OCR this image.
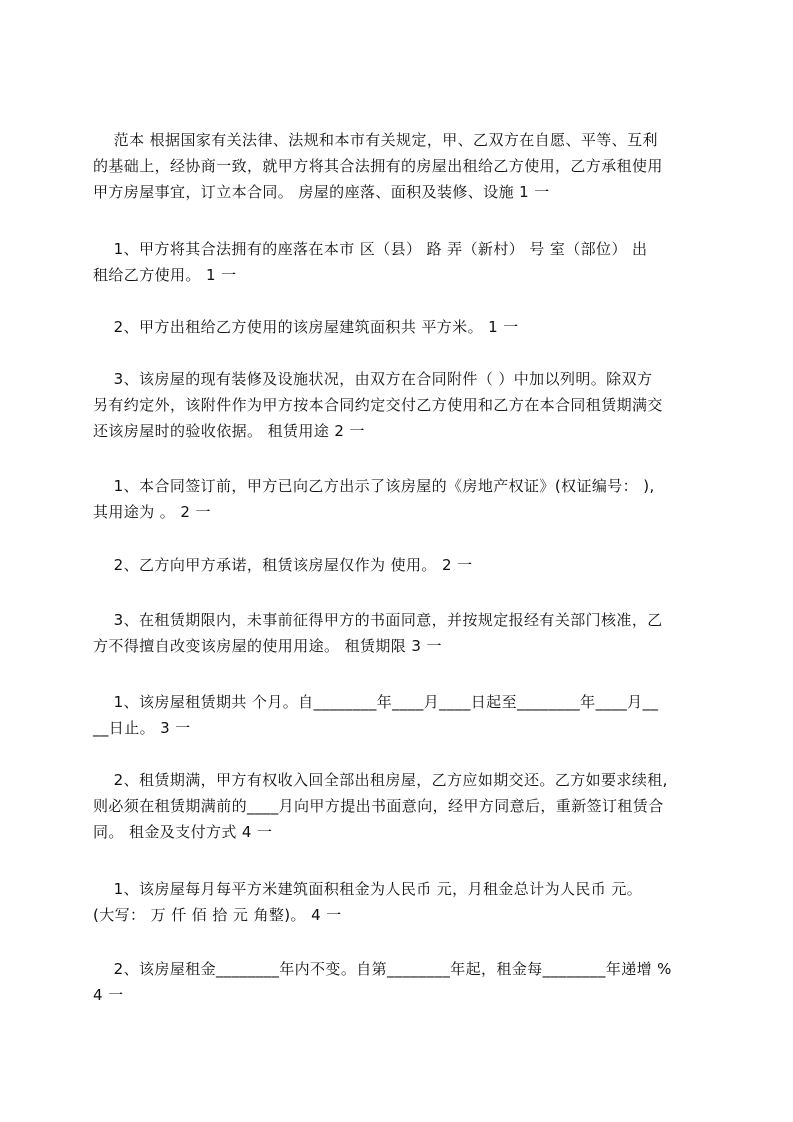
范本 根据国家有关法律、法规和本市有关规定，甲、乙双方在自愿、平等、互利
的基础上，经协商一致，就甲方将其合法拥有的房屋出租给乙方使用，乙方承租使用
甲方房屋事宜，订立本合同。 房屋的座落、面积及装修、设施 1 一
1、甲方将其合法拥有的座落在本市 区（县） 路 弄（新村） 号 室（部位） 出
租给乙方使用。 1 一
2、甲方出租给乙方使用的该房屋建筑面积共 平方米。 1 一
3、该房屋的现有装修及设施状况，由双方在合同附件（ ）中加以列明。除双方
另有约定外，该附件作为甲方按本合同约定交付乙方使用和乙方在本合同租赁期满交
还该房屋时的验收依据。 租赁用途 2 一
1、本合同签订前，甲方已向乙方出示了该房屋的《房地产权证》(权证编号： ),
其用途为 。 2 一
2、乙方向甲方承诺，租赁该房屋仅作为 使用。 2 一
3、在租赁期限内，未事前征得甲方的书面同意，并按规定报经有关部门核准，乙
方不得擅自改变该房屋的使用用途。 租赁期限 3 一
1、该房屋租赁期共 个月。自________年____月____日起至________年____月__
__日止。 3 一
2、租赁期满，甲方有权收入回全部出租房屋，乙方应如期交还。乙方如要求续租,
则必须在租赁期满前的____月向甲方提出书面意向，经甲方同意后，重新签订租赁合
同。 租金及支付方式 4 一
1、该房屋每月每平方米建筑面积租金为人民币 元，月租金总计为人民币 元。
(大写： 万 仟 佰 拾 元 角整)。 4 一
2、该房屋租金________年内不变。自第________年起，租金每________年递增 %
4 一
